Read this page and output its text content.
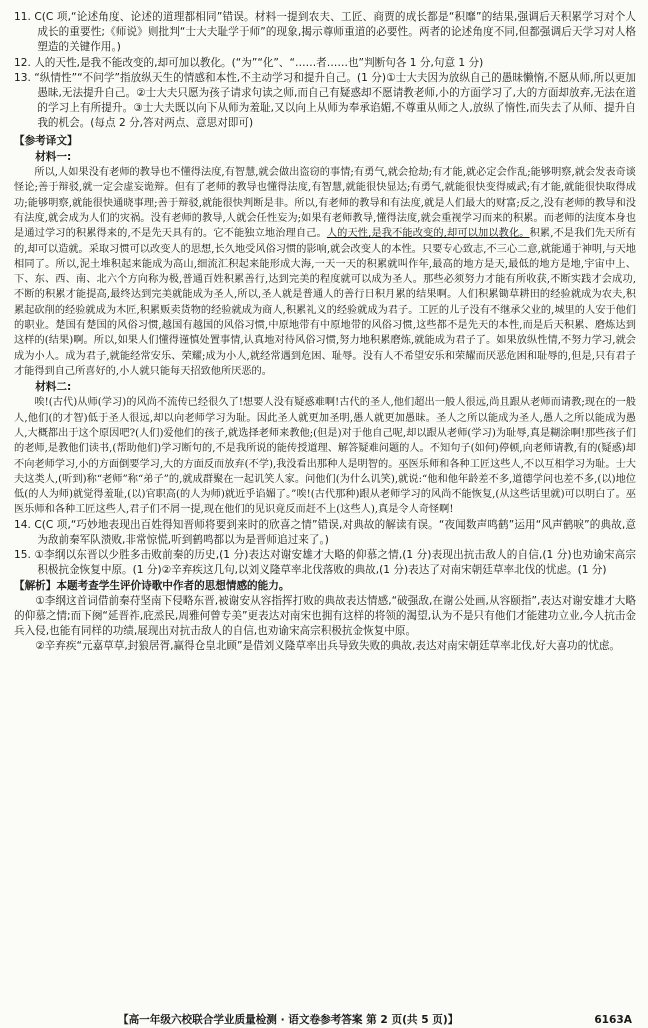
11. C(C 项,“论述角度、论述的道理都相同”错误。材料一提到农夫、工匠、商贾的成长都是“积靡”的结果,强调后天积累学习对个人成长的重要性;《师说》则批判“士大夫耻学于师”的现象,揭示尊师重道的必要性。两者的论述角度不同,但都强调后天学习对人格塑造的关键作用。)

12. 人的天性,是我不能改变的,却可加以教化。(“为”“化”、“……者……也”判断句各 1 分,句意 1 分)

13. “纵情性”“不问学”指放纵天生的情感和本性,不主动学习和提升自己。(1 分)①士大夫因为放纵自己的愚昧懒惰,不愿从师,所以更加愚昧,无法提升自己。②士大夫只愿为孩子请求句读之师,而自己有疑惑却不愿请教老师,小的方面学习了,大的方面却放弃,无法在道的学习上有所提升。③士大夫既以向下从师为羞耻,又以向上从师为奉承谄媚,不尊重从师之人,放纵了惰性,而失去了从师、提升自我的机会。(每点 2 分,答对两点、意思对即可)

【参考译文】

材料一:

所以,人如果没有老师的教导也不懂得法度,有智慧,就会做出盗窃的事情;有勇气,就会抢劫;有才能,就必定会作乱;能够明察,就会发表奇谈怪论;善于辩驳,就一定会虚妄诡辩。但有了老师的教导也懂得法度,有智慧,就能很快显达;有勇气,就能很快变得威武;有才能,就能很快取得成功;能够明察,就能很快通晓事理;善于辩驳,就能很快判断是非。所以,有老师的教导和有法度,就是人们最大的财富;反之,没有老师的教导和没有法度,就会成为人们的灾祸。没有老师的教导,人就会任性妄为;如果有老师教导,懂得法度,就会重视学习而来的积累。而老师的法度本身也是通过学习的积累得来的,不是先天具有的。它不能独立地治理自己。人的天性,是我不能改变的,却可以加以教化。积累,不是我们先天所有的,却可以造就。采取习惯可以改变人的思想,长久地受风俗习惯的影响,就会改变人的本性。只要专心致志,不三心二意,就能通于神明,与天地相同了。所以,泥土堆积起来能成为高山,细流汇积起来能形成大海,一天一天的积累就叫作年,最高的地方是天,最低的地方是地,宇宙中上、下、东、西、南、北六个方向称为极,普通百姓积累善行,达到完美的程度就可以成为圣人。那些必须努力才能有所收获,不断实践才会成功,不断的积累才能提高,最终达到完美就能成为圣人,所以,圣人就是普通人的善行日积月累的结果啊。人们积累锄草耕田的经验就成为农夫,积累起砍削的经验就成为木匠,积累贩卖货物的经验就成为商人,积累礼义的经验就成为君子。工匠的儿子没有不继承父业的,城里的人安于他们的职业。楚国有楚国的风俗习惯,越国有越国的风俗习惯,中原地带有中原地带的风俗习惯,这些都不是先天的本性,而是后天积累、磨炼达到这样的(结果)啊。所以,如果人们懂得谨慎处置事情,认真地对待风俗习惯,努力地积累磨炼,就能成为君子了。如果放纵性情,不努力学习,就会成为小人。成为君子,就能经常安乐、荣耀;成为小人,就经常遇到危困、耻辱。没有人不希望安乐和荣耀而厌恶危困和耻辱的,但是,只有君子才能得到自己所喜好的,小人就只能每天招致他所厌恶的。

材料二:

唉!(古代)从师(学习)的风尚不流传已经很久了!想要人没有疑惑难啊!古代的圣人,他们超出一般人很远,尚且跟从老师而请教;现在的一般人,他们(的才智)低于圣人很远,却以向老师学习为耻。因此圣人就更加圣明,愚人就更加愚昧。圣人之所以能成为圣人,愚人之所以能成为愚人,大概都出于这个原因吧?(人们)爱他们的孩子,就选择老师来教他;(但是)对于他自己呢,却以跟从老师(学习)为耻辱,真是糊涂啊!那些孩子们的老师,是教他们读书,(帮助他们)学习断句的,不是我所说的能传授道理、解答疑难问题的人。不知句子(如何)停顿,向老师请教,有的(疑惑)却不向老师学习,小的方面倒要学习,大的方面反而放弃(不学),我没看出那种人是明智的。巫医乐师和各种工匠这些人,不以互相学习为耻。士大夫这类人,(听到)称“老师”称“弟子”的,就成群聚在一起讥笑人家。问他们(为什么讥笑),就说:“他和他年龄差不多,道德学问也差不多,(以)地位低(的人为师)就觉得羞耻,(以)官职高(的人为师)就近乎谄媚了。”唉!(古代那种)跟从老师学习的风尚不能恢复,(从这些话里就)可以明白了。巫医乐师和各种工匠这些人,君子们不屑一提,现在他们的见识竟反而赶不上(这些人),真是令人奇怪啊!

14. C(C 项,“巧妙地表现出百姓得知晋师将要到来时的欣喜之情”错误,对典故的解读有误。“夜闻数声鸣鹤”运用“风声鹤唳”的典故,意为敌前秦军队溃败,非常惊慌,听到鹤鸣都以为是晋师追过来了。)

15. ①李纲以东晋以少胜多击败前秦的历史,(1 分)表达对谢安雄才大略的仰慕之情,(1 分)表现出抗击敌人的自信,(1 分)也劝谕宋高宗积极抗金恢复中原。(1 分)②辛弃疾这几句,以刘义隆草率北伐落败的典故,(1 分)表达了对南宋朝廷草率北伐的忧虑。(1 分)

【解析】本题考查学生评价诗歌中作者的思想情感的能力。

①李纲这首词借前秦苻坚南下侵略东晋,被谢安从容指挥打败的典故表达情感,“破强敌,在谢公处画,从容颐指”,表达对谢安雄才大略的仰慕之情;而下阕“延晋祚,庇烝民,周雅何曾专美”更表达对南宋也拥有这样的将领的渴望,认为不是只有他们才能建功立业,今人抗击金兵入侵,也能有同样的功绩,展现出对抗击敌人的自信,也劝谕宋高宗积极抗金恢复中原。

②辛弃疾“元嘉草草,封狼居胥,赢得仓皇北顾”是借刘义隆草率出兵导致失败的典故,表达对南宋朝廷草率北伐,好大喜功的忧虑。

【高一年级六校联合学业质量检测 · 语文卷参考答案 第 2 页(共 5 页)】	6163A
